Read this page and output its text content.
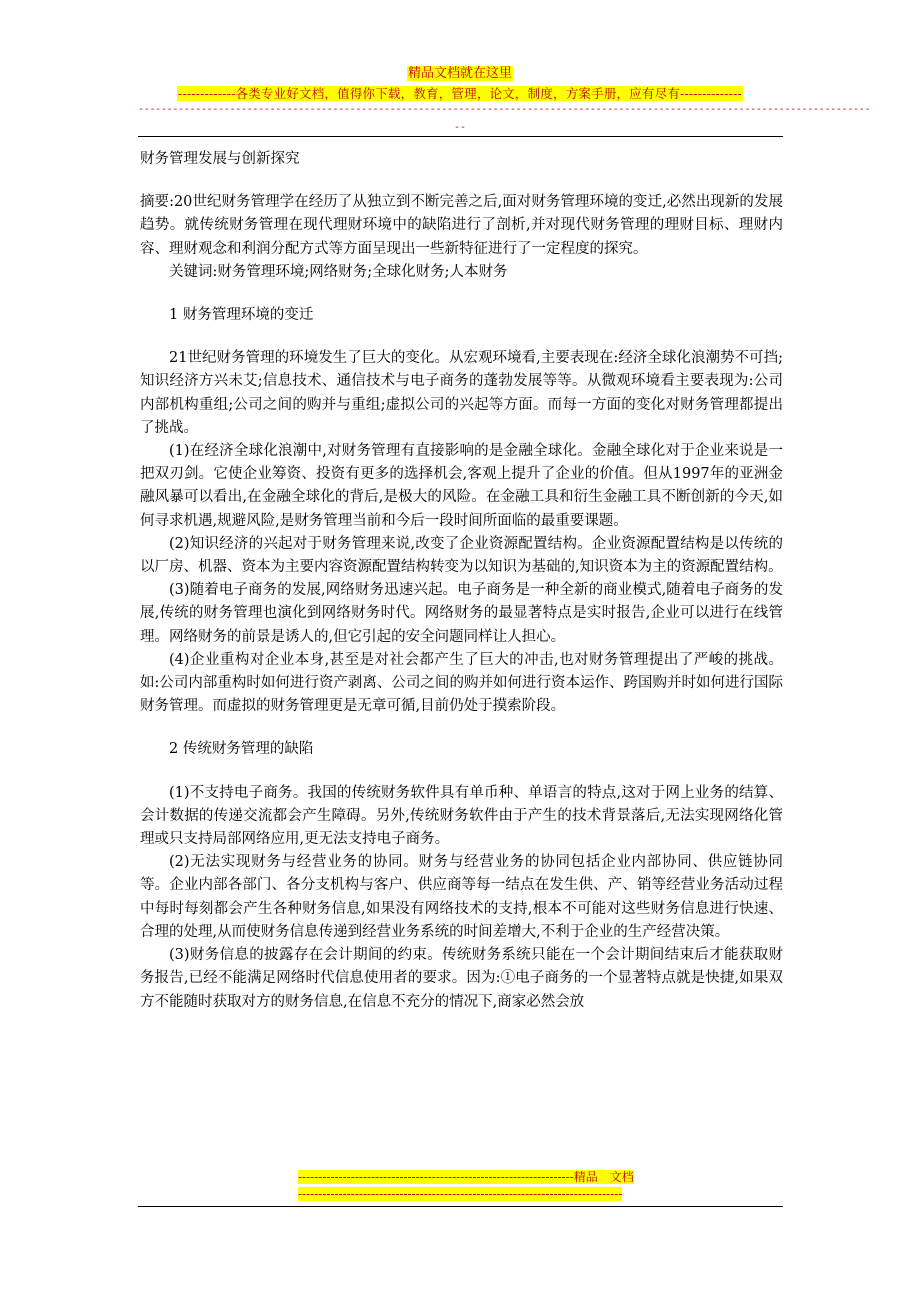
精品文档就在这里
-------------各类专业好文档，值得你下载，教育，管理，论文，制度，方案手册，应有尽有--------------
--------------------------------------------------------------------------------------------------------------------------------
--

财务管理发展与创新探究

摘要:20世纪财务管理学在经历了从独立到不断完善之后,面对财务管理环境的变迁,必然出现新的发展趋势。就传统财务管理在现代理财环境中的缺陷进行了剖析,并对现代财务管理的理财目标、理财内容、理财观念和利润分配方式等方面呈现出一些新特征进行了一定程度的探究。

关键词:财务管理环境;网络财务;全球化财务;人本财务

1 财务管理环境的变迁

21世纪财务管理的环境发生了巨大的变化。从宏观环境看,主要表现在:经济全球化浪潮势不可挡;知识经济方兴未艾;信息技术、通信技术与电子商务的蓬勃发展等等。从微观环境看主要表现为:公司内部机构重组;公司之间的购并与重组;虚拟公司的兴起等方面。而每一方面的变化对财务管理都提出了挑战。

(1)在经济全球化浪潮中,对财务管理有直接影响的是金融全球化。金融全球化对于企业来说是一把双刃剑。它使企业筹资、投资有更多的选择机会,客观上提升了企业的价值。但从1997年的亚洲金融风暴可以看出,在金融全球化的背后,是极大的风险。在金融工具和衍生金融工具不断创新的今天,如何寻求机遇,规避风险,是财务管理当前和今后一段时间所面临的最重要课题。

(2)知识经济的兴起对于财务管理来说,改变了企业资源配置结构。企业资源配置结构是以传统的以厂房、机器、资本为主要内容资源配置结构转变为以知识为基础的,知识资本为主的资源配置结构。

(3)随着电子商务的发展,网络财务迅速兴起。电子商务是一种全新的商业模式,随着电子商务的发展,传统的财务管理也演化到网络财务时代。网络财务的最显著特点是实时报告,企业可以进行在线管理。网络财务的前景是诱人的,但它引起的安全问题同样让人担心。

(4)企业重构对企业本身,甚至是对社会都产生了巨大的冲击,也对财务管理提出了严峻的挑战。如:公司内部重构时如何进行资产剥离、公司之间的购并如何进行资本运作、跨国购并时如何进行国际财务管理。而虚拟的财务管理更是无章可循,目前仍处于摸索阶段。

2 传统财务管理的缺陷

(1)不支持电子商务。我国的传统财务软件具有单币种、单语言的特点,这对于网上业务的结算、会计数据的传递交流都会产生障碍。另外,传统财务软件由于产生的技术背景落后,无法实现网络化管理或只支持局部网络应用,更无法支持电子商务。

(2)无法实现财务与经营业务的协同。财务与经营业务的协同包括企业内部协同、供应链协同等。企业内部各部门、各分支机构与客户、供应商等每一结点在发生供、产、销等经营业务活动过程中每时每刻都会产生各种财务信息,如果没有网络技术的支持,根本不可能对这些财务信息进行快速、合理的处理,从而使财务信息传递到经营业务系统的时间差增大,不利于企业的生产经营决策。

(3)财务信息的披露存在会计期间的约束。传统财务系统只能在一个会计期间结束后才能获取财务报告,已经不能满足网络时代信息使用者的要求。因为:①电子商务的一个显著特点就是快捷,如果双方不能随时获取对方的财务信息,在信息不充分的情况下,商家必然会放

--------------------------------------------------------------------精品　文档
--------------------------------------------------------------------------------
